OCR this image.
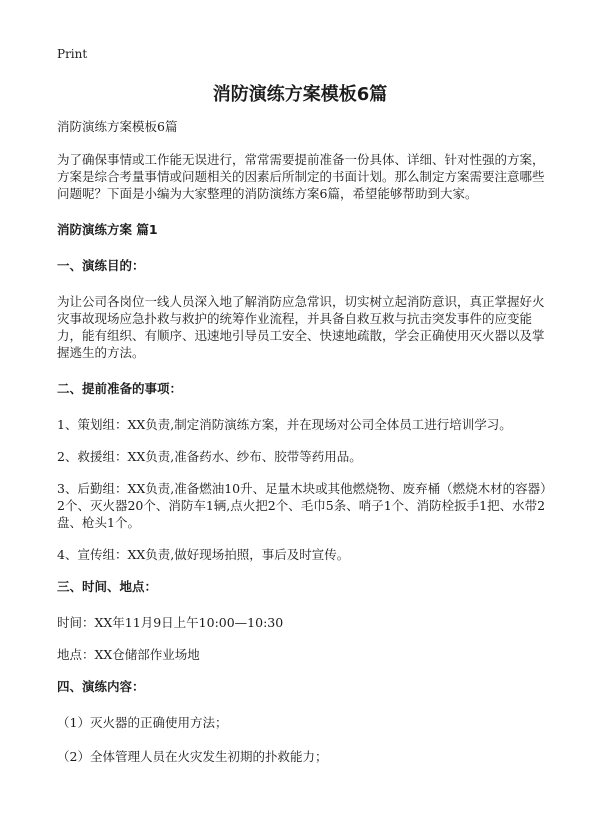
Print
消防演练方案模板6篇

消防演练方案模板6篇

为了确保事情或工作能无误进行，常常需要提前准备一份具体、详细、针对性强的方案，方案是综合考量事情或问题相关的因素后所制定的书面计划。那么制定方案需要注意哪些问题呢？下面是小编为大家整理的消防演练方案6篇，希望能够帮助到大家。

消防演练方案 篇1

一、演练目的：

为让公司各岗位一线人员深入地了解消防应急常识，切实树立起消防意识，真正掌握好火灾事故现场应急扑救与救护的统筹作业流程，并具备自救互救与抗击突发事件的应变能力，能有组织、有顺序、迅速地引导员工安全、快速地疏散，学会正确使用灭火器以及掌握逃生的方法。

二、提前准备的事项：

1、策划组：XX负责,制定消防演练方案，并在现场对公司全体员工进行培训学习。

2、救援组：XX负责,准备药水、纱布、胶带等药用品。

3、后勤组：XX负责,准备燃油10升、足量木块或其他燃烧物、废弃桶（燃烧木材的容器）2个、灭火器20个、消防车1辆,点火把2个、毛巾5条、哨子1个、消防栓扳手1把、水带2盘、枪头1个。

4、宣传组：XX负责,做好现场拍照，事后及时宣传。

三、时间、地点：

时间：XX年11月9日上午10:00—10:30

地点：XX仓储部作业场地

四、演练内容：

（1）灭火器的正确使用方法；

（2）全体管理人员在火灾发生初期的扑救能力；
